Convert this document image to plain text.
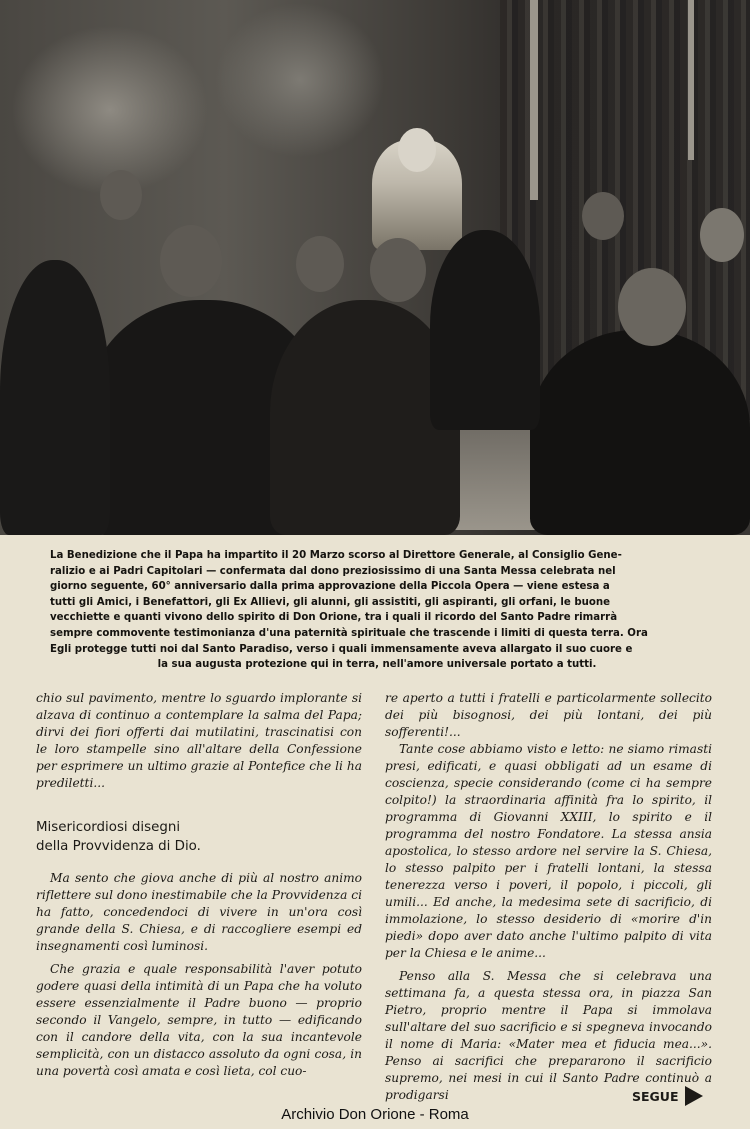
La Benedizione che il Papa ha impartito il 20 Marzo scorso al Direttore Generale, al Consiglio Gene-

ralizio e ai Padri Capitolari — confermata dal dono preziosissimo di una Santa Messa celebrata nel

giorno seguente, 60° anniversario dalla prima approvazione della Piccola Opera — viene estesa a

tutti gli Amici, i Benefattori, gli Ex Allievi, gli alunni, gli assistiti, gli aspiranti, gli orfani, le buone

vecchiette e quanti vivono dello spirito di Don Orione, tra i quali il ricordo del Santo Padre rimarrà

sempre commovente testimonianza d'una paternità spirituale che trascende i limiti di questa terra. Ora

Egli protegge tutti noi dal Santo Paradiso, verso i quali immensamente aveva allargato il suo cuore e

la sua augusta protezione qui in terra, nell'amore universale portato a tutti.

chio sul pavimento, mentre lo sguardo implorante si alzava di continuo a contemplare la salma del Papa; dirvi dei fiori offerti dai mutilatini, trascinatisi con le loro stampelle sino all'altare della Confessione per esprimere un ultimo grazie al Pontefice che li ha prediletti...

Misericordiosi disegni
della Provvidenza di Dio.

Ma sento che giova anche di più al nostro animo riflettere sul dono inestimabile che la Provvidenza ci ha fatto, concedendoci di vivere in un'ora così grande della S. Chiesa, e di raccogliere esempi ed insegnamenti così luminosi.

Che grazia e quale responsabilità l'aver potuto godere quasi della intimità di un Papa che ha voluto essere essenzialmente il Padre buono — proprio secondo il Vangelo, sempre, in tutto — edificando con il candore della vita, con la sua incantevole semplicità, con un distacco assoluto da ogni cosa, in una povertà così amata e così lieta, col cuo-

re aperto a tutti i fratelli e particolarmente sollecito dei più bisognosi, dei più lontani, dei più sofferenti!...

Tante cose abbiamo visto e letto: ne siamo rimasti presi, edificati, e quasi obbligati ad un esame di coscienza, specie considerando (come ci ha sempre colpito!) la straordinaria affinità fra lo spirito, il programma di Giovanni XXIII, lo spirito e il programma del nostro Fondatore. La stessa ansia apostolica, lo stesso ardore nel servire la S. Chiesa, lo stesso palpito per i fratelli lontani, la stessa tenerezza verso i poveri, il popolo, i piccoli, gli umili... Ed anche, la medesima sete di sacrificio, di immolazione, lo stesso desiderio di «morire d'in piedi» dopo aver dato anche l'ultimo palpito di vita per la Chiesa e le anime...

Penso alla S. Messa che si celebrava una settimana fa, a questa stessa ora, in piazza San Pietro, proprio mentre il Papa si immolava sull'altare del suo sacrificio e si spegneva invocando il nome di Maria: «Mater mea et fiducia mea...». Penso ai sacrifici che prepararono il sacrificio supremo, nei mesi in cui il Santo Padre continuò a prodigarsi	SEGUE
Archivio Don Orione - Roma
